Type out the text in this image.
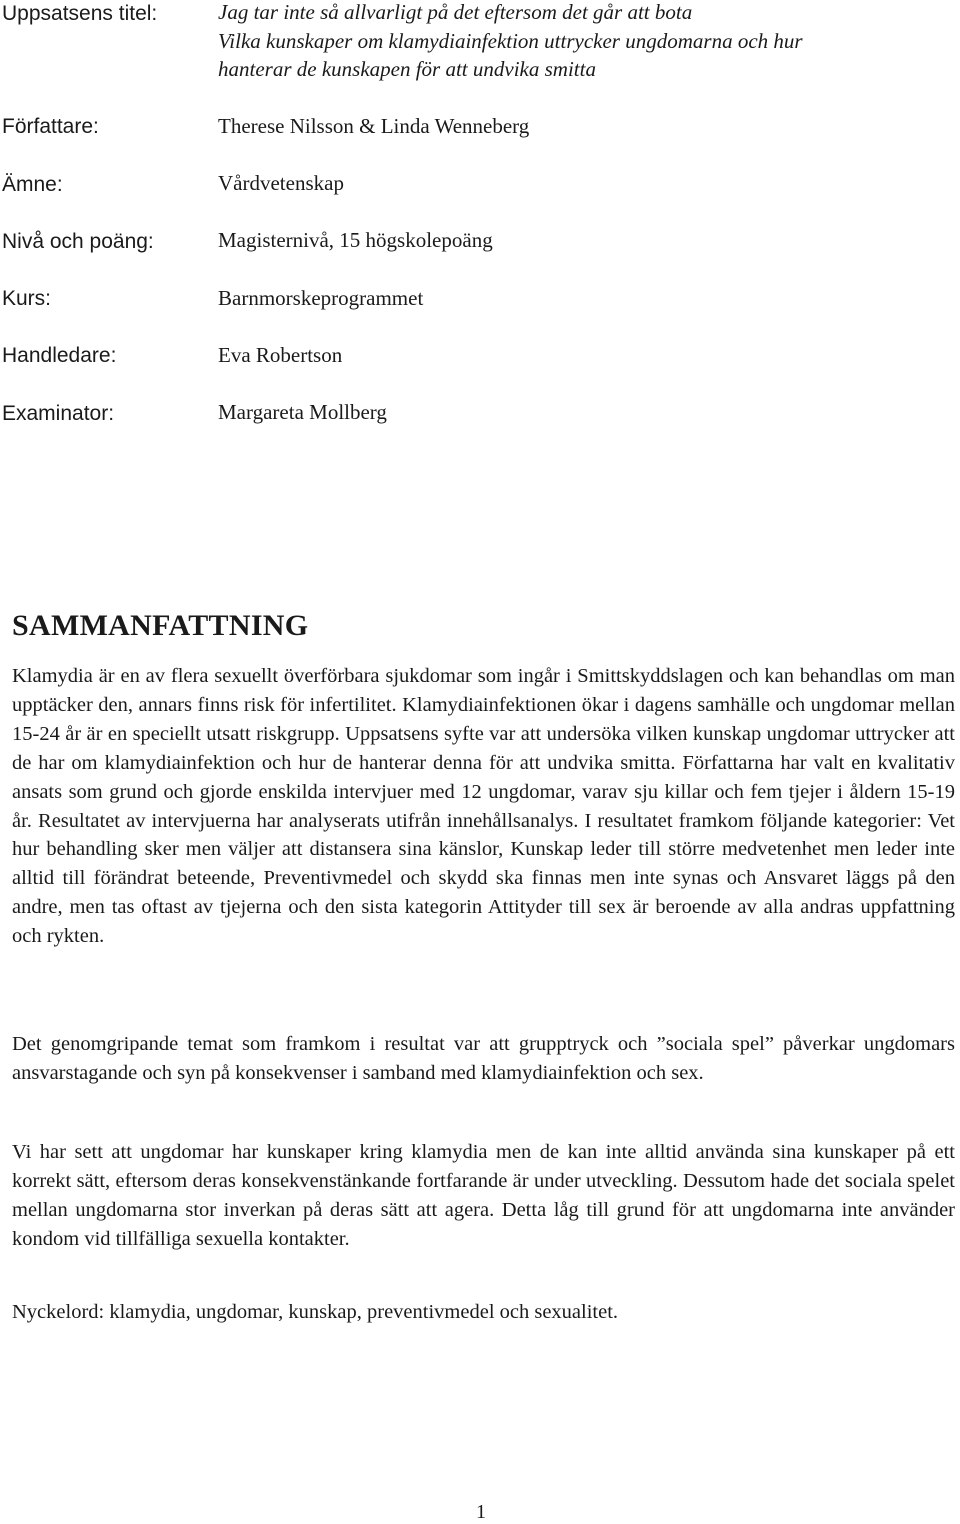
Uppsatsens titel:
Författare:
Ämne:
Nivå och poäng:
Kurs:
Handledare:
Examinator:
Jag tar inte så allvarligt på det eftersom det går att bota
Vilka kunskaper om klamydiainfektion uttrycker ungdomarna och hur
hanterar de kunskapen för att undvika smitta
Therese Nilsson & Linda Wenneberg
Vårdvetenskap
Magisternivå, 15 högskolepoäng
Barnmorskeprogrammet
Eva Robertson
Margareta Mollberg
SAMMANFATTNING

Klamydia är en av flera sexuellt överförbara sjukdomar som ingår i Smittskyddslagen och kan behandlas om man upptäcker den, annars finns risk för infertilitet. Klamydiainfektionen ökar i dagens samhälle och ungdomar mellan 15-24 år är en speciellt utsatt riskgrupp. Uppsatsens syfte var att undersöka vilken kunskap ungdomar uttrycker att de har om klamydiainfektion och hur de hanterar denna för att undvika smitta. Författarna har valt en kvalitativ ansats som grund och gjorde enskilda intervjuer med 12 ungdomar, varav sju killar och fem tjejer i åldern 15-19 år. Resultatet av intervjuerna har analyserats utifrån innehållsanalys. I resultatet framkom följande kategorier: Vet hur behandling sker men väljer att distansera sina känslor, Kunskap leder till större medvetenhet men leder inte alltid till förändrat beteende, Preventivmedel och skydd ska finnas men inte synas och Ansvaret läggs på den andre, men tas oftast av tjejerna och den sista kategorin Attityder till sex är beroende av alla andras uppfattning och rykten.

Det genomgripande temat som framkom i resultat var att grupptryck och ”sociala spel” påverkar ungdomars ansvarstagande och syn på konsekvenser i samband med klamydiainfektion och sex.

Vi har sett att ungdomar har kunskaper kring klamydia men de kan inte alltid använda sina kunskaper på ett korrekt sätt, eftersom deras konsekvenstänkande fortfarande är under utveckling. Dessutom hade det sociala spelet mellan ungdomarna stor inverkan på deras sätt att agera. Detta låg till grund för att ungdomarna inte använder kondom vid tillfälliga sexuella kontakter.

Nyckelord: klamydia, ungdomar, kunskap, preventivmedel och sexualitet.

1
